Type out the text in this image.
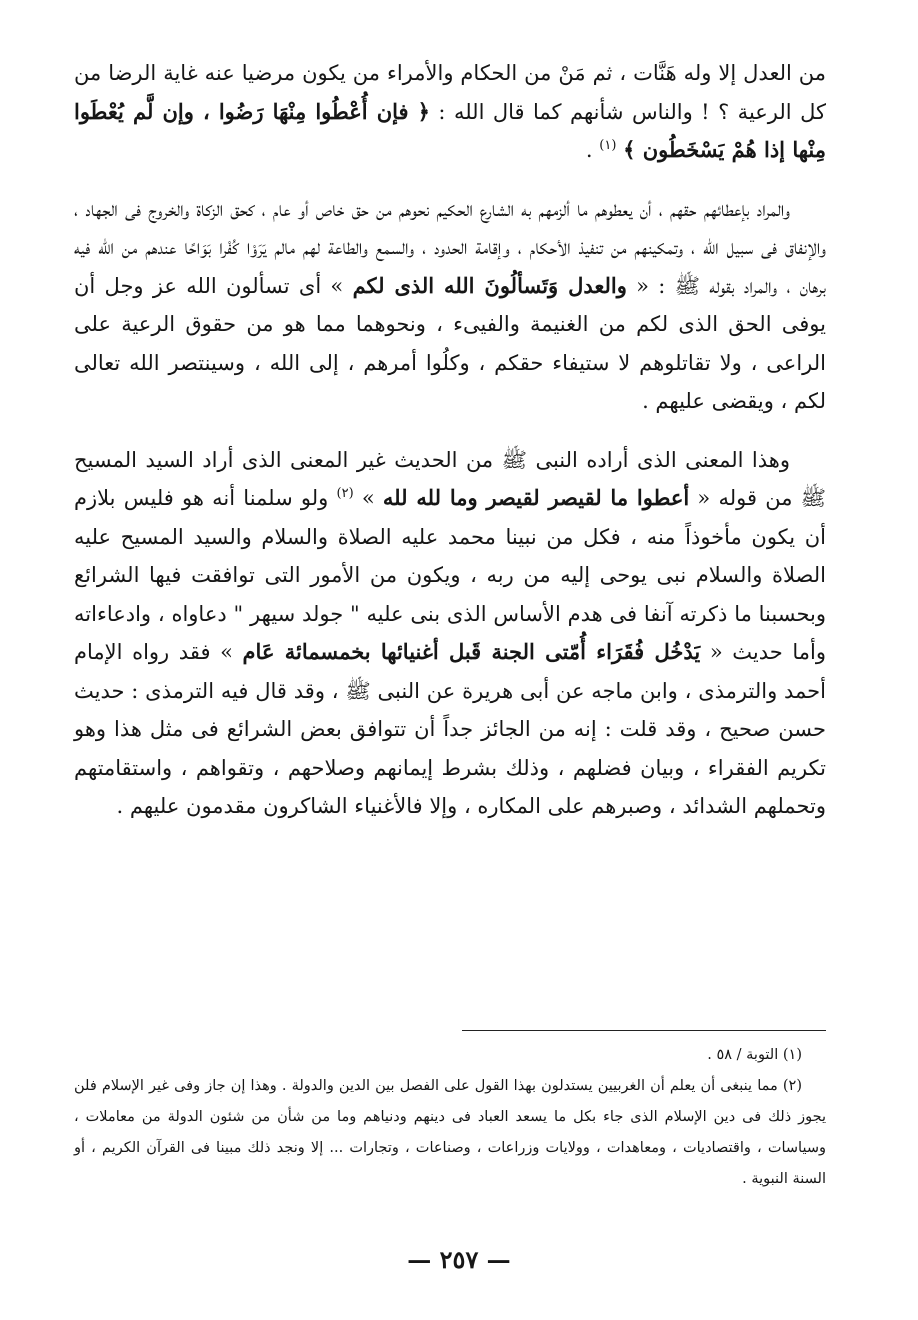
من العدل إلا وله هَنَّات ، ثم مَنْ من الحكام والأمراء من يكون مرضيا عنه غاية الرضا من كل الرعية ؟ ! والناس شأنهم كما قال الله : ﴿ فإن أُعْطُوا مِنْهَا رَضُوا ، وإن لَّم يُعْطَوا مِنْها إذا هُمْ يَسْخَطُون ﴾ $^{(١)}$ .

والمراد بإعطائهم حقهم ، أن يعطوهم ما ألزمهم به الشارع الحكيم نحوهم من حق خاص أو عام ، كحق الزكاة والخروج فى الجهاد ، والإنفاق فى سبيل الله ، وتمكينهم من تنفيذ الأحكام ، وإقامة الحدود ، والسمع والطاعة لهم مالم يَرَوْا كُفْرا بَوَاحًا عندهم من الله فيه برهان ، والمراد بقوله ﷺ : « والعدل وَتَسألُونَ الله الذى لكم » أى تسألون الله عز وجل أن يوفى الحق الذى لكم من الغنيمة والفيىء ، ونحوهما مما هو من حقوق الرعية على الراعى ، ولا تقاتلوهم لا ستيفاء حقكم ، وكلُوا أمرهم ، إلى الله ، وسينتصر الله تعالى لكم ، ويقضى عليهم .

وهذا المعنى الذى أراده النبى ﷺ من الحديث غير المعنى الذى أراد السيد المسيح ﷺ من قوله « أعطوا ما لقيصر لقيصر وما لله لله » $^{(٢)}$ ولو سلمنا أنه هو فليس بلازم أن يكون مأخوذاً منه ، فكل من نبينا محمد عليه الصلاة والسلام والسيد المسيح عليه الصلاة والسلام نبى يوحى إليه من ربه ، ويكون من الأمور التى توافقت فيها الشرائع وبحسبنا ما ذكرته آنفا فى هدم الأساس الذى بنى عليه " جولد سيهر " دعاواه ، وادعاءاته وأما حديث « يَدْخُل فُقَرَاء أُمّتى الجنة قَبل أغنيائها بخمسمائة عَام » فقد رواه الإمام أحمد والترمذى ، وابن ماجه عن أبى هريرة عن النبى ﷺ ، وقد قال فيه الترمذى : حديث حسن صحيح ، وقد قلت : إنه من الجائز جداً أن تتوافق بعض الشرائع فى مثل هذا وهو تكريم الفقراء ، وبيان فضلهم ، وذلك بشرط إيمانهم وصلاحهم ، وتقواهم ، واستقامتهم وتحملهم الشدائد ، وصبرهم على المكاره ، وإلا فالأغنياء الشاكرون مقدمون عليهم .

(١) التوبة / ٥٨ .

(٢) مما ينبغى أن يعلم أن الغربيين يستدلون بهذا القول على الفصل بين الدين والدولة . وهذا إن جاز وفى غير الإسلام فلن يجوز ذلك فى دين الإسلام الذى جاء بكل ما يسعد العباد فى دينهم ودنياهم وما من شأن من شئون الدولة من معاملات ، وسياسات ، واقتصاديات ، ومعاهدات ، وولايات وزراعات ، وصناعات ، وتجارات ... إلا ونجد ذلك مبينا فى القرآن الكريم ، أو السنة النبوية .

— ٢٥٧ —
